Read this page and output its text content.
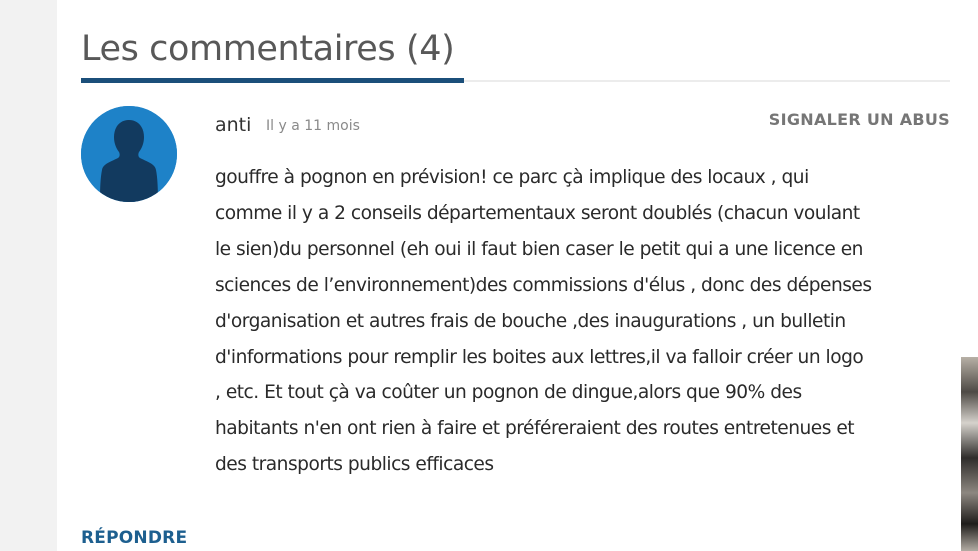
Les commentaires (4)
anti Il y a 11 mois	SIGNALER UN ABUS

gouffre à pognon en prévision! ce parc çà implique des locaux , qui
comme il y a 2 conseils départementaux seront doublés (chacun voulant
le sien)du personnel (eh oui il faut bien caser le petit qui a une licence en
sciences de l’environnement)des commissions d'élus , donc des dépenses
d'organisation et autres frais de bouche ,des inaugurations , un bulletin
d'informations pour remplir les boites aux lettres,il va falloir créer un logo
, etc. Et tout çà va coûter un pognon de dingue,alors que 90% des
habitants n'en ont rien à faire et préféreraient des routes entretenues et
des transports publics efficaces

RÉPONDRE
